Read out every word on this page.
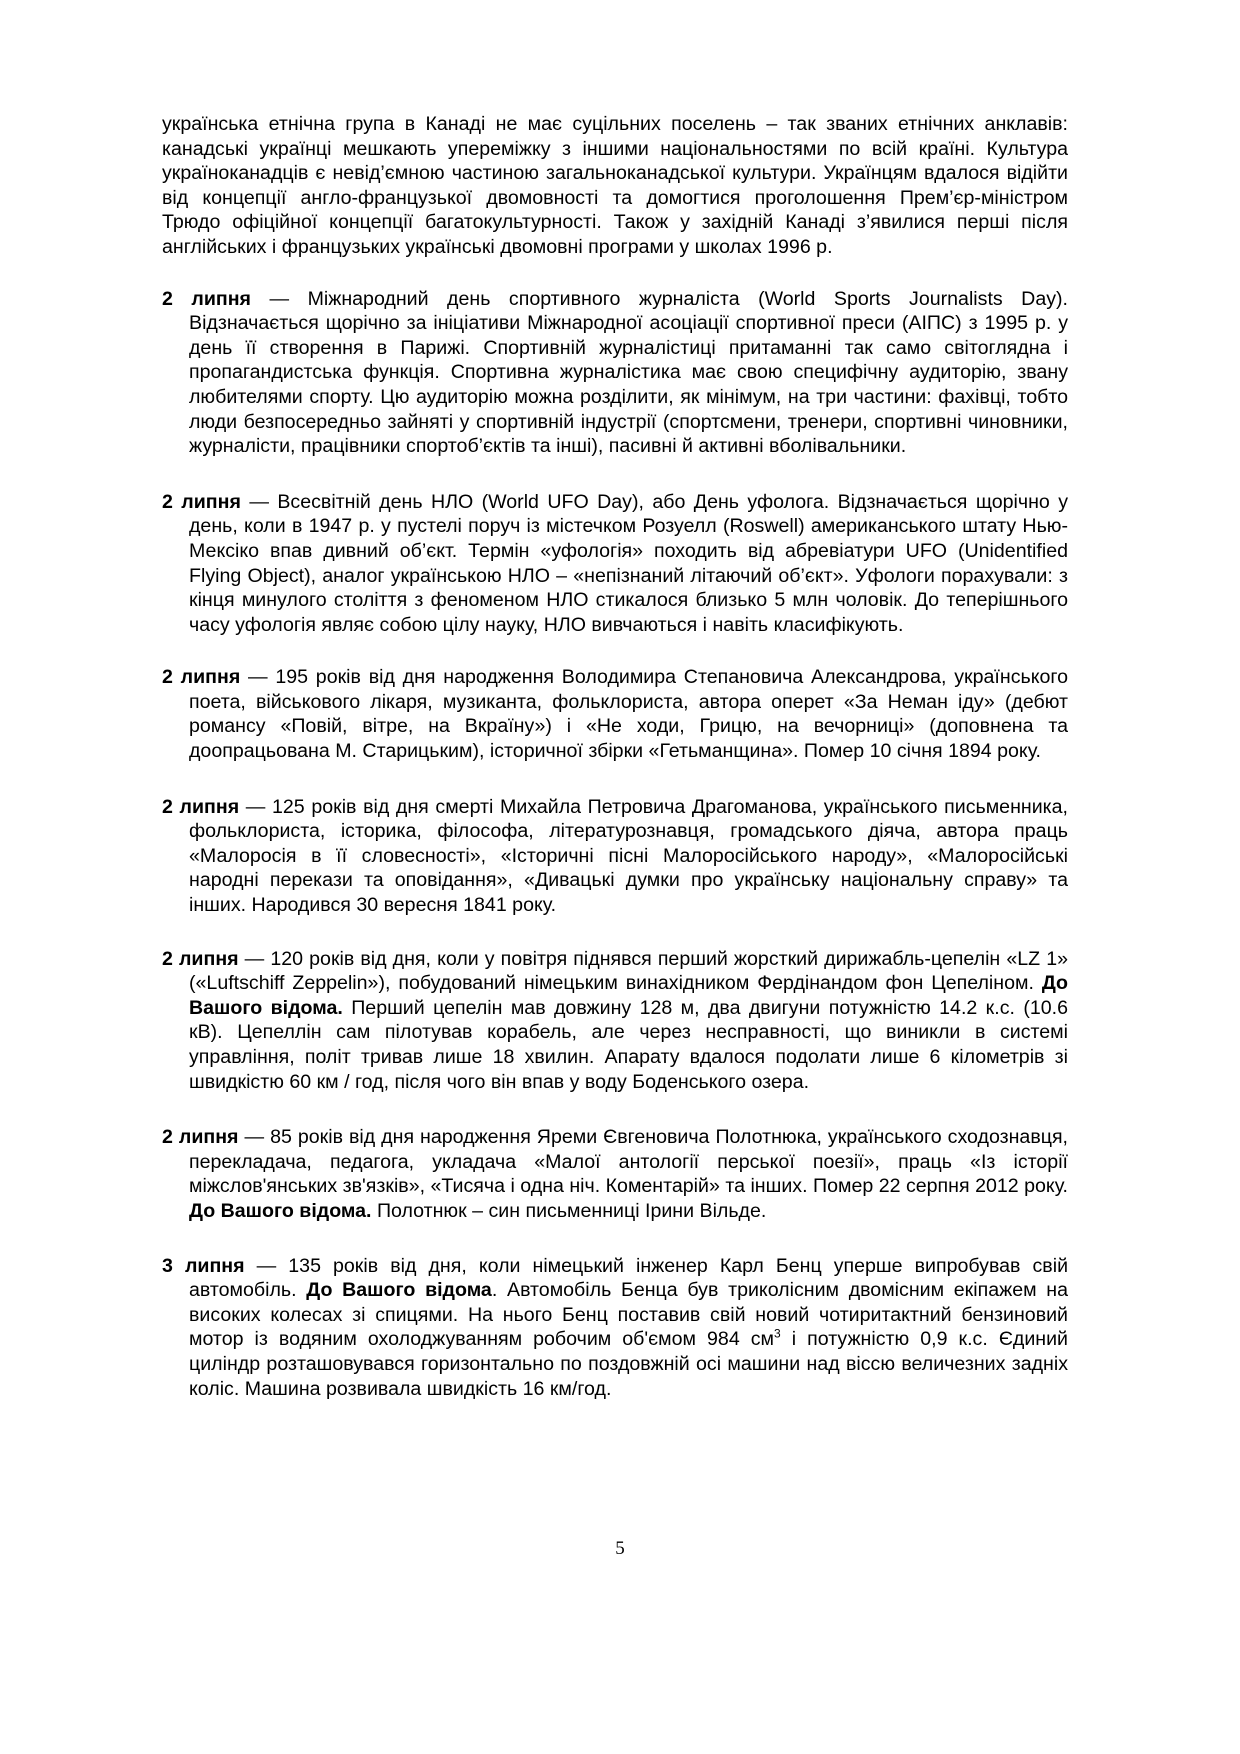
українська етнічна група в Канаді не має суцільних поселень – так званих етнічних анклавів: канадські українці мешкають упереміжку з іншими національностями по всій країні. Культура україноканадців є невід’ємною частиною загальноканадської культури. Українцям вдалося відійти від концепції англо-французької двомовності та домогтися проголошення Прем’єр-міністром Трюдо офіційної концепції багатокультурності. Також у західній Канаді з’явилися перші після англійських і французьких українські двомовні програми у школах 1996 р.

2 липня — Міжнародний день спортивного журналіста (World Sports Journalists Day). Відзначається щорічно за ініціативи Міжнародної асоціації спортивної преси (АІПС) з 1995 р. у день її створення в Парижі. Спортивній журналістиці притаманні так само світоглядна і пропагандистська функція. Спортивна журналістика має свою специфічну аудиторію, звану любителями спорту. Цю аудиторію можна розділити, як мінімум, на три частини: фахівці, тобто люди безпосередньо зайняті у спортивній індустрії (спортсмени, тренери, спортивні чиновники, журналісти, працівники спортоб’єктів та інші), пасивні й активні вболівальники.

2 липня — Всесвітній день НЛО (World UFO Day), або День уфолога. Відзначається щорічно у день, коли в 1947 р. у пустелі поруч із містечком Розуелл (Roswell) американського штату Нью-Мексіко впав дивний об’єкт. Термін «уфологія» походить від абревіатури UFO (Unidentified Flying Object), аналог українською НЛО – «непізнаний літаючий об’єкт». Уфологи порахували: з кінця минулого століття з феноменом НЛО стикалося близько 5 млн чоловік. До теперішнього часу уфологія являє собою цілу науку, НЛО вивчаються і навіть класифікують.

2 липня — 195 років від дня народження Володимира Степановича Александрова, українського поета, військового лікаря, музиканта, фольклориста, автора оперет «За Неман іду» (дебют романсу «Повій, вітре, на Вкраїну») і «Не ходи, Грицю, на вечорниці» (доповнена та доопрацьована М. Старицьким), історичної збірки «Гетьманщина». Помер 10 січня 1894 року.

2 липня — 125 років від дня смерті Михайла Петровича Драгоманова, українського письменника, фольклориста, історика, філософа, літературознавця, громадського діяча, автора праць «Малоросія в її словесності», «Історичні пісні Малоросійського народу», «Малоросійські народні перекази та оповідання», «Дивацькі думки про українську національну справу» та інших. Народився 30 вересня 1841 року.

2 липня — 120 років від дня, коли у повітря піднявся перший жорсткий дирижабль-цепелін «LZ 1» («Luftschiff Zeppelin»), побудований німецьким винахідником Фердінандом фон Цепеліном. До Вашого відома. Перший цепелін мав довжину 128 м, два двигуни потужністю 14.2 к.с. (10.6 кВ). Цепеллін сам пілотував корабель, але через несправності, що виникли в системі управління, політ тривав лише 18 хвилин. Апарату вдалося подолати лише 6 кілометрів зі швидкістю 60 км / год, після чого він впав у воду Боденського озера.

2 липня — 85 років від дня народження Яреми Євгеновича Полотнюка, українського сходознавця, перекладача, педагога, укладача «Малої антології перської поезії», праць «Із історії міжслов'янських зв'язків», «Тисяча і одна ніч. Коментарій» та інших. Помер 22 серпня 2012 року. До Вашого відома. Полотнюк – син письменниці Ірини Вільде.

3 липня — 135 років від дня, коли німецький інженер Карл Бенц уперше випробував свій автомобіль. До Вашого відома. Автомобіль Бенца був триколісним двомісним екіпажем на високих колесах зі спицями. На нього Бенц поставив свій новий чотиритактний бензиновий мотор із водяним охолоджуванням робочим об'ємом 984 $см^3$ і потужністю 0,9 к.с. Єдиний циліндр розташовувався горизонтально по поздовжній осі машини над віссю величезних задніх коліс. Машина розвивала швидкість 16 км/год.

5
